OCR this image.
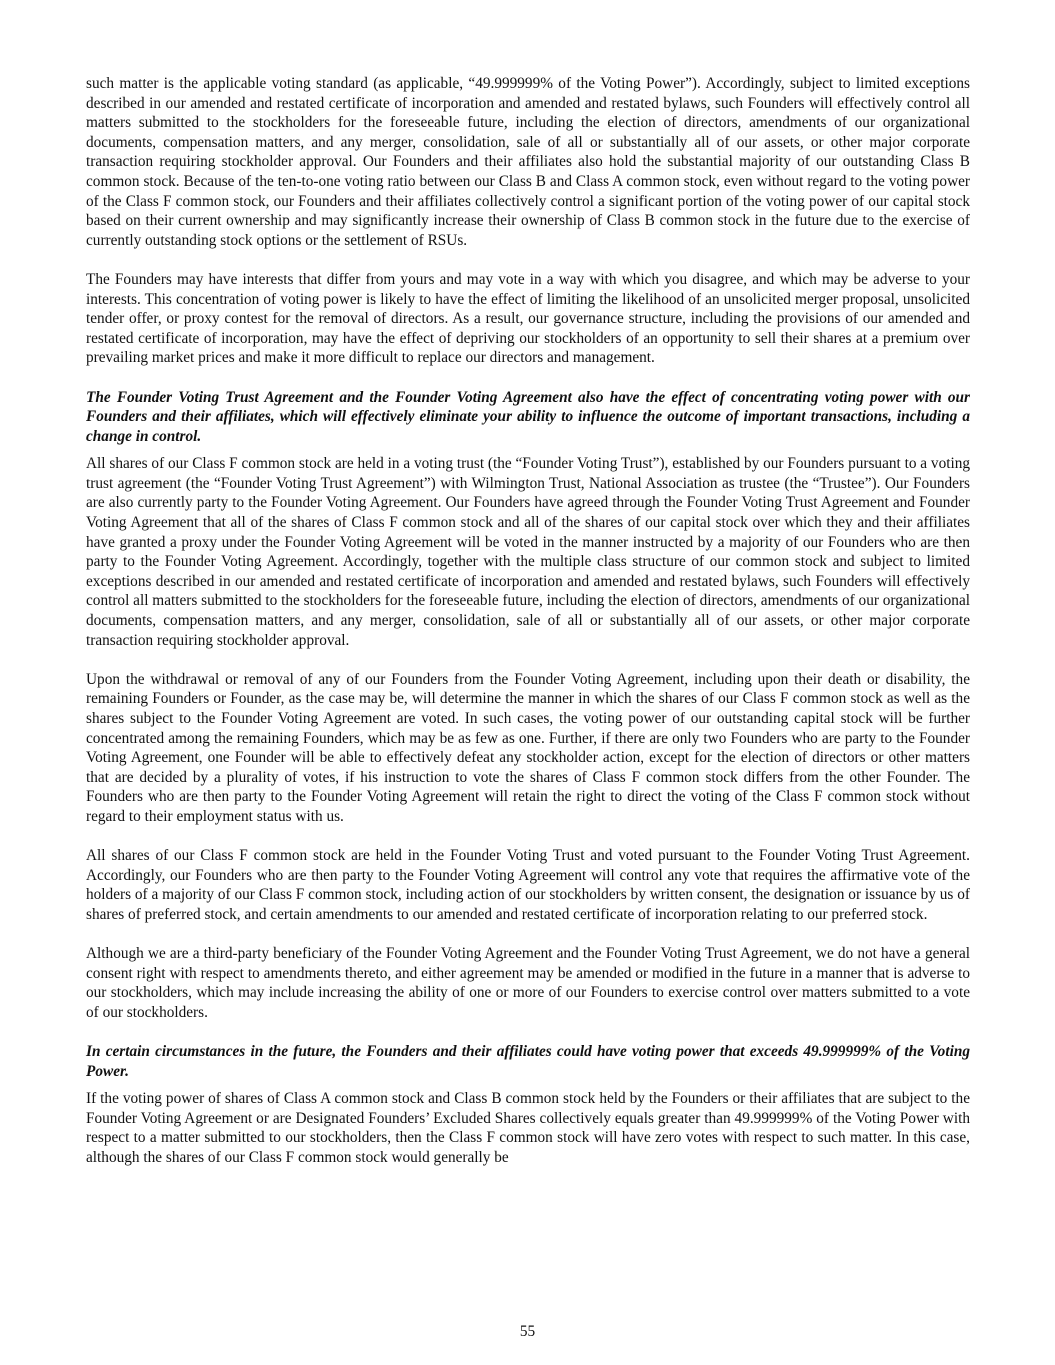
such matter is the applicable voting standard (as applicable, “49.999999% of the Voting Power”). Accordingly, subject to limited exceptions described in our amended and restated certificate of incorporation and amended and restated bylaws, such Founders will effectively control all matters submitted to the stockholders for the foreseeable future, including the election of directors, amendments of our organizational documents, compensation matters, and any merger, consolidation, sale of all or substantially all of our assets, or other major corporate transaction requiring stockholder approval. Our Founders and their affiliates also hold the substantial majority of our outstanding Class B common stock. Because of the ten-to-one voting ratio between our Class B and Class A common stock, even without regard to the voting power of the Class F common stock, our Founders and their affiliates collectively control a significant portion of the voting power of our capital stock based on their current ownership and may significantly increase their ownership of Class B common stock in the future due to the exercise of currently outstanding stock options or the settlement of RSUs.

The Founders may have interests that differ from yours and may vote in a way with which you disagree, and which may be adverse to your interests. This concentration of voting power is likely to have the effect of limiting the likelihood of an unsolicited merger proposal, unsolicited tender offer, or proxy contest for the removal of directors. As a result, our governance structure, including the provisions of our amended and restated certificate of incorporation, may have the effect of depriving our stockholders of an opportunity to sell their shares at a premium over prevailing market prices and make it more difficult to replace our directors and management.

The Founder Voting Trust Agreement and the Founder Voting Agreement also have the effect of concentrating voting power with our Founders and their affiliates, which will effectively eliminate your ability to influence the outcome of important transactions, including a change in control.

All shares of our Class F common stock are held in a voting trust (the “Founder Voting Trust”), established by our Founders pursuant to a voting trust agreement (the “Founder Voting Trust Agreement”) with Wilmington Trust, National Association as trustee (the “Trustee”). Our Founders are also currently party to the Founder Voting Agreement. Our Founders have agreed through the Founder Voting Trust Agreement and Founder Voting Agreement that all of the shares of Class F common stock and all of the shares of our capital stock over which they and their affiliates have granted a proxy under the Founder Voting Agreement will be voted in the manner instructed by a majority of our Founders who are then party to the Founder Voting Agreement. Accordingly, together with the multiple class structure of our common stock and subject to limited exceptions described in our amended and restated certificate of incorporation and amended and restated bylaws, such Founders will effectively control all matters submitted to the stockholders for the foreseeable future, including the election of directors, amendments of our organizational documents, compensation matters, and any merger, consolidation, sale of all or substantially all of our assets, or other major corporate transaction requiring stockholder approval.

Upon the withdrawal or removal of any of our Founders from the Founder Voting Agreement, including upon their death or disability, the remaining Founders or Founder, as the case may be, will determine the manner in which the shares of our Class F common stock as well as the shares subject to the Founder Voting Agreement are voted. In such cases, the voting power of our outstanding capital stock will be further concentrated among the remaining Founders, which may be as few as one. Further, if there are only two Founders who are party to the Founder Voting Agreement, one Founder will be able to effectively defeat any stockholder action, except for the election of directors or other matters that are decided by a plurality of votes, if his instruction to vote the shares of Class F common stock differs from the other Founder. The Founders who are then party to the Founder Voting Agreement will retain the right to direct the voting of the Class F common stock without regard to their employment status with us.

All shares of our Class F common stock are held in the Founder Voting Trust and voted pursuant to the Founder Voting Trust Agreement. Accordingly, our Founders who are then party to the Founder Voting Agreement will control any vote that requires the affirmative vote of the holders of a majority of our Class F common stock, including action of our stockholders by written consent, the designation or issuance by us of shares of preferred stock, and certain amendments to our amended and restated certificate of incorporation relating to our preferred stock.

Although we are a third-party beneficiary of the Founder Voting Agreement and the Founder Voting Trust Agreement, we do not have a general consent right with respect to amendments thereto, and either agreement may be amended or modified in the future in a manner that is adverse to our stockholders, which may include increasing the ability of one or more of our Founders to exercise control over matters submitted to a vote of our stockholders.

In certain circumstances in the future, the Founders and their affiliates could have voting power that exceeds 49.999999% of the Voting Power.

If the voting power of shares of Class A common stock and Class B common stock held by the Founders or their affiliates that are subject to the Founder Voting Agreement or are Designated Founders’ Excluded Shares collectively equals greater than 49.999999% of the Voting Power with respect to a matter submitted to our stockholders, then the Class F common stock will have zero votes with respect to such matter. In this case, although the shares of our Class F common stock would generally be

55
